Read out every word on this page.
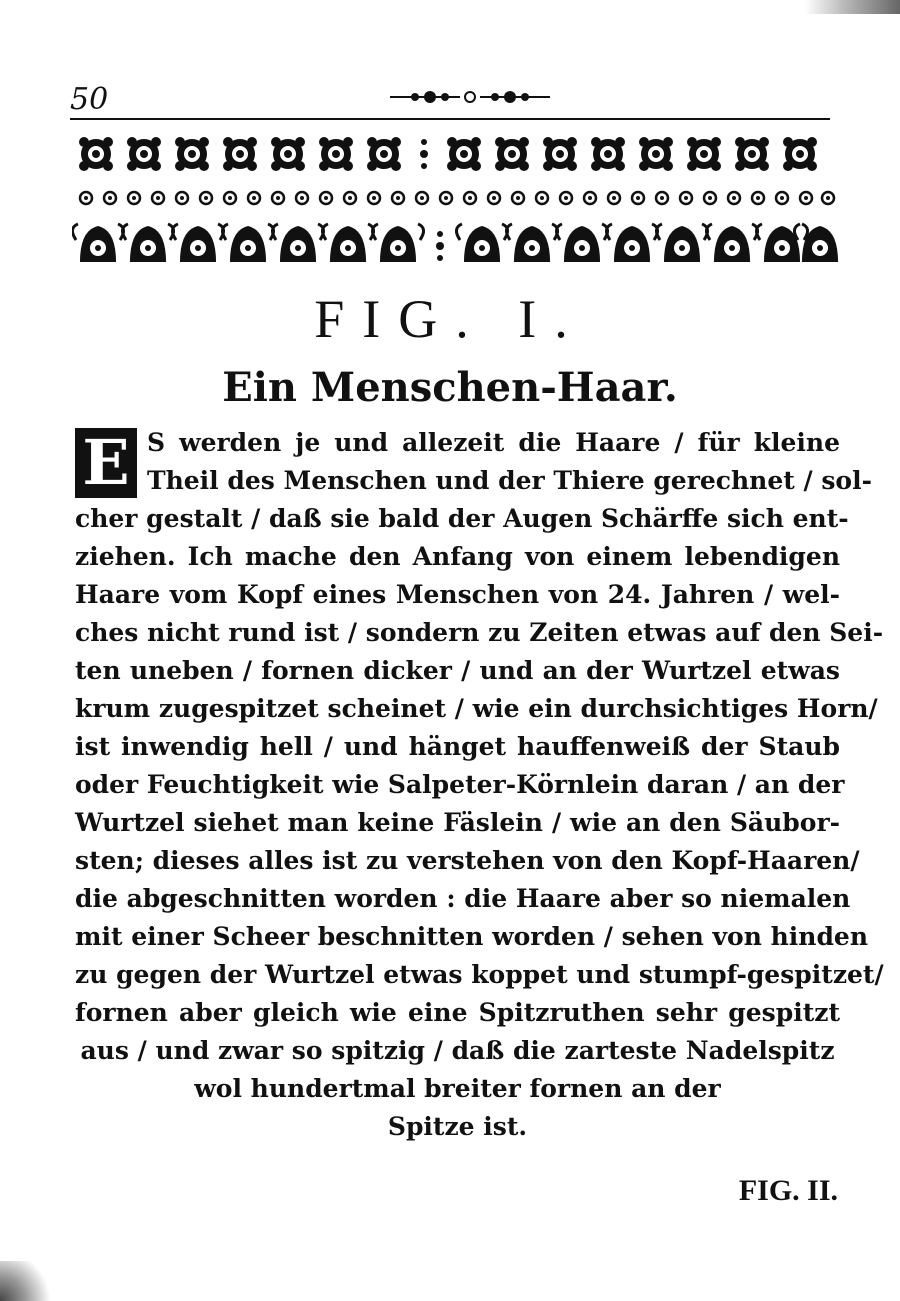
50
FIG. I.
Ein Menschen-Haar.
E S werden je und allezeit die Haare / für kleine
Theil des Menschen und der Thiere gerechnet / sol-
cher gestalt / daß sie bald der Augen Schärffe sich ent-
ziehen. Ich mache den Anfang von einem lebendigen
Haare vom Kopf eines Menschen von 24. Jahren / wel-
ches nicht rund ist / sondern zu Zeiten etwas auf den Sei-
ten uneben / fornen dicker / und an der Wurtzel etwas
krum zugespitzet scheinet / wie ein durchsichtiges Horn/
ist inwendig hell / und hänget hauffenweiß der Staub
oder Feuchtigkeit wie Salpeter-Körnlein daran / an der
Wurtzel siehet man keine Fäslein / wie an den Säubor-
sten; dieses alles ist zu verstehen von den Kopf-Haaren/
die abgeschnitten worden : die Haare aber so niemalen
mit einer Scheer beschnitten worden / sehen von hinden
zu gegen der Wurtzel etwas koppet und stumpf-gespitzet/
fornen aber gleich wie eine Spitzruthen sehr gespitzt
aus / und zwar so spitzig / daß die zarteste Nadelspitz
wol hundertmal breiter fornen an der
Spitze ist.
FIG. II.
